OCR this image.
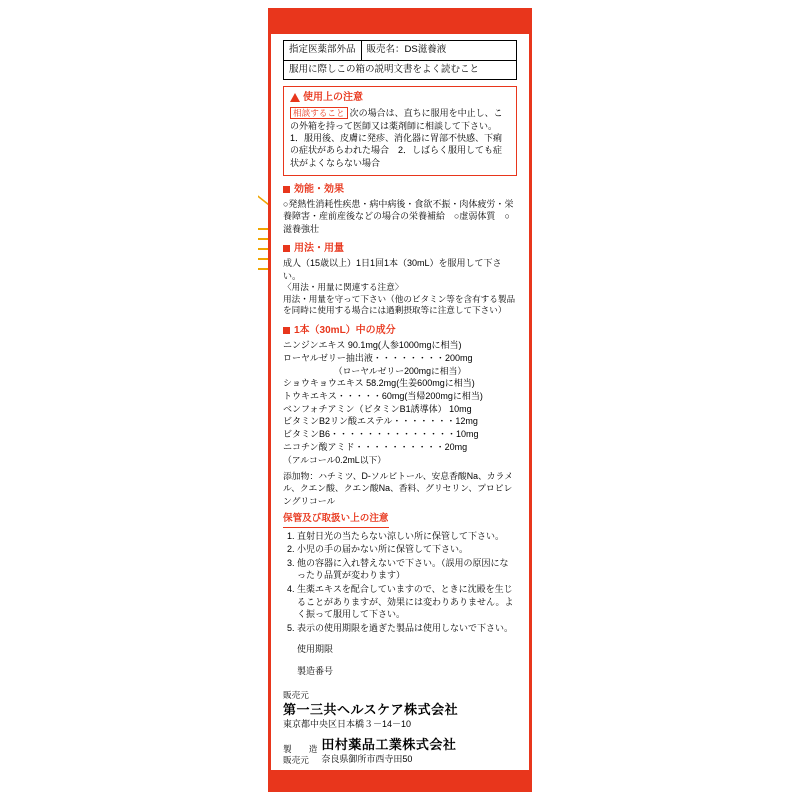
指定医薬部外品	販売名：DS滋養液
服用に際しこの箱の説明文書をよく読むこと
使用上の注意
相談すること 次の場合は、直ちに服用を中止し、この外箱を持って医師又は薬剤師に相談して下さい。　1．服用後、皮膚に発疹、消化器に胃部不快感、下痢の症状があらわれた場合　2．しばらく服用しても症状がよくならない場合
効能・効果
○発熱性消耗性疾患・病中病後・食欲不振・肉体疲労・栄養障害・産前産後などの場合の栄養補給　○虚弱体質　○滋養強壮
用法・用量
成人（15歳以上）1日1回1本（30mL）を服用して下さい。
〈用法・用量に関連する注意〉
用法・用量を守って下さい（他のビタミン等を含有する製品を同時に使用する場合には過剰摂取等に注意して下さい）
1本（30mL）中の成分
ニンジンエキス 90.1mg(人参1000mgに相当)
ローヤルゼリー抽出液・・・・・・・・200mg
（ローヤルゼリー200mgに相当）
ショウキョウエキス 58.2mg(生姜600mgに相当)
トウキエキス・・・・・60mg(当帰200mgに相当)
ベンフォチアミン（ビタミンB1誘導体） 10mg
ビタミンB2リン酸エステル・・・・・・・12mg
ビタミンB6・・・・・・・・・・・・・・10mg
ニコチン酸アミド・・・・・・・・・・20mg
（アルコール0.2mL以下）
添加物：ハチミツ、D-ソルビトール、安息香酸Na、カラメル、クエン酸、クエン酸Na、香料、グリセリン、プロピレングリコール
保管及び取扱い上の注意
1. 直射日光の当たらない涼しい所に保管して下さい。
2. 小児の手の届かない所に保管して下さい。
3. 他の容器に入れ替えないで下さい。（誤用の原因になったり品質が変わります）
4. 生薬エキスを配合していますので、ときに沈殿を生じることがありますが、効果には変わりありません。よく振って服用して下さい。
5. 表示の使用期限を過ぎた製品は使用しないで下さい。
使用期限
製造番号
販売元
第一三共ヘルスケア株式会社
東京都中央区日本橋３－14－10
製　　造
販売元
田村薬品工業株式会社
奈良県御所市西寺田50
